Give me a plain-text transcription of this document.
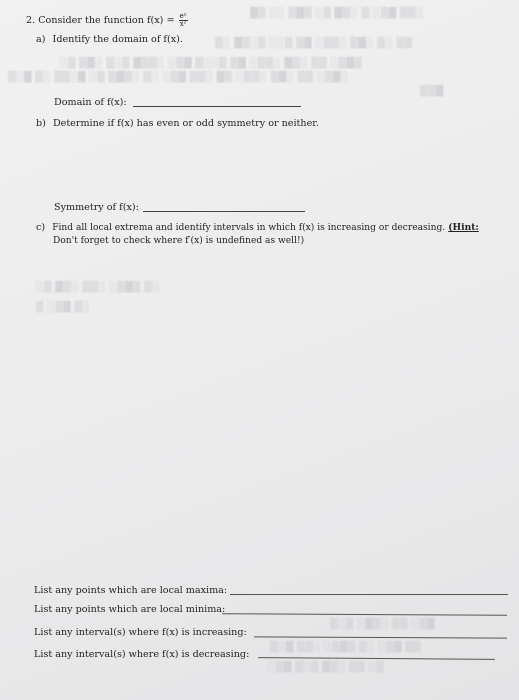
▓▒ ░░ ▒▓▒ ░▒ ▓▒░ ▒ ░▒▓ ▒▒░
▒░ ▓▒░▒ ░░▒ ▒▓ ░▒▒░ ▒▓░ ▒░ ▒▒
░▒ ▒▓░ ▒░▒ ▓▒▒░ ░▒▓ ▒░░▒ ▒▓ ░▒▒░ ▓▒░ ▒▒ ░▒▓▒
▒░▓ ▒░ ▒▒░▓ ░▒ ▒▓▒░ ▒░ ░▒▓ ▒▒░ ▓▒ ░▒▒░ ▒▓░ ▒▒ ░▒▓░
▒▒▓
░▒ ▓▒░ ▒▒░ ░▒▓▒ ▒░
▒ ░▒▓ ▒░
▒░▒ ░▓▒░ ▒▒ ░▒▓
▒░▓ ▒▒░ ░▒▓▒ ▒░ ░▒▓ ▒▒
░▒▓ ▒░▒ ▓▒░ ▒▒ ░▒
2. Consider the function $f(x) = \frac{\text{eˣ}}{\text{x²}}$
a) Identify the domain of f(x).
Domain of f(x):
b) Determine if f(x) has even or odd symmetry or neither.
Symmetry of f(x):
c) Find all local extrema and identify intervals in which f(x) is increasing or decreasing. (Hint:
Don't forget to check where f′(x) is undefined as well!)
List any points which are local maxima:
List any points which are local minima:
List any interval(s) where f(x) is increasing:
List any interval(s) where f(x) is decreasing:
